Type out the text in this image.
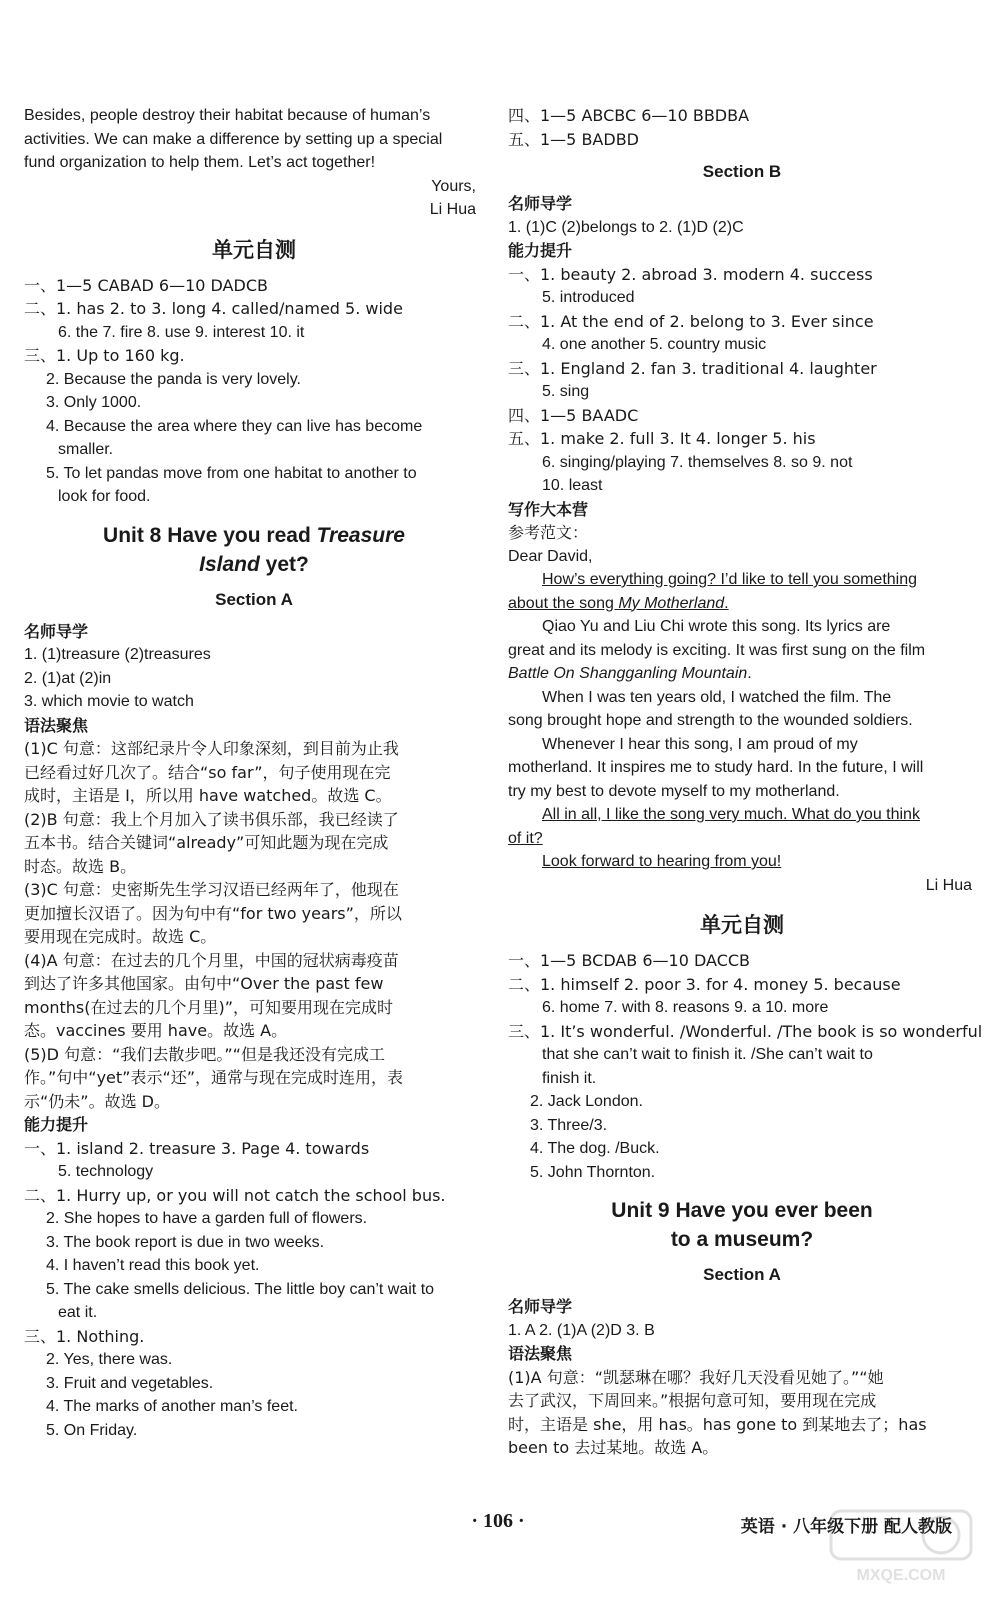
Besides, people destroy their habitat because of human’s
activities. We can make a difference by setting up a special
fund organization to help them. Let’s act together!
Yours,
Li Hua
单元自测
一、1—5 CABAD 6—10 DADCB
二、1. has 2. to 3. long 4. called/named 5. wide
6. the 7. fire 8. use 9. interest 10. it
三、1. Up to 160 kg.
2. Because the panda is very lovely.
3. Only 1000.
4. Because the area where they can live has become
smaller.
5. To let pandas move from one habitat to another to
look for food.
Unit 8 Have you read Treasure
Island yet?
Section A
名师导学
1. (1)treasure (2)treasures
2. (1)at (2)in
3. which movie to watch
语法聚焦
(1)C 句意：这部纪录片令人印象深刻，到目前为止我
已经看过好几次了。结合“so far”，句子使用现在完
成时，主语是 I，所以用 have watched。故选 C。
(2)B 句意：我上个月加入了读书俱乐部，我已经读了
五本书。结合关键词“already”可知此题为现在完成
时态。故选 B。
(3)C 句意：史密斯先生学习汉语已经两年了，他现在
更加擅长汉语了。因为句中有“for two years”，所以
要用现在完成时。故选 C。
(4)A 句意：在过去的几个月里，中国的冠状病毒疫苗
到达了许多其他国家。由句中“Over the past few
months(在过去的几个月里)”，可知要用现在完成时
态。vaccines 要用 have。故选 A。
(5)D 句意：“我们去散步吧。”“但是我还没有完成工
作。”句中“yet”表示“还”，通常与现在完成时连用，表
示“仍未”。故选 D。
能力提升
一、1. island 2. treasure 3. Page 4. towards
5. technology
二、1. Hurry up, or you will not catch the school bus.
2. She hopes to have a garden full of flowers.
3. The book report is due in two weeks.
4. I haven’t read this book yet.
5. The cake smells delicious. The little boy can’t wait to
eat it.
三、1. Nothing.
2. Yes, there was.
3. Fruit and vegetables.
4. The marks of another man’s feet.
5. On Friday.
四、1—5 ABCBC 6—10 BBDBA
五、1—5 BADBD
Section B
名师导学
1. (1)C (2)belongs to 2. (1)D (2)C
能力提升
一、1. beauty 2. abroad 3. modern 4. success
5. introduced
二、1. At the end of 2. belong to 3. Ever since
4. one another 5. country music
三、1. England 2. fan 3. traditional 4. laughter
5. sing
四、1—5 BAADC
五、1. make 2. full 3. It 4. longer 5. his
6. singing/playing 7. themselves 8. so 9. not
10. least
写作大本营
参考范文：
Dear David,
How’s everything going? I’d like to tell you something
about the song My Motherland.
Qiao Yu and Liu Chi wrote this song. Its lyrics are
great and its melody is exciting. It was first sung on the film
Battle On Shangganling Mountain.
When I was ten years old, I watched the film. The
song brought hope and strength to the wounded soldiers.
Whenever I hear this song, I am proud of my
motherland. It inspires me to study hard. In the future, I will
try my best to devote myself to my motherland.
All in all, I like the song very much. What do you think
of it?
Look forward to hearing from you!
Li Hua
单元自测
一、1—5 BCDAB 6—10 DACCB
二、1. himself 2. poor 3. for 4. money 5. because
6. home 7. with 8. reasons 9. a 10. more
三、1. It’s wonderful. /Wonderful. /The book is so wonderful
that she can’t wait to finish it. /She can’t wait to
finish it.
2. Jack London.
3. Three/3.
4. The dog. /Buck.
5. John Thornton.
Unit 9 Have you ever been
to a museum?
Section A
名师导学
1. A 2. (1)A (2)D 3. B
语法聚焦
(1)A 句意：“凯瑟琳在哪？我好几天没看见她了。”“她
去了武汉，下周回来。”根据句意可知，要用现在完成
时，主语是 she，用 has。has gone to 到某地去了；has
been to 去过某地。故选 A。
· 106 ·	英语 · 八年级下册 配人教版
MXQE.COM
